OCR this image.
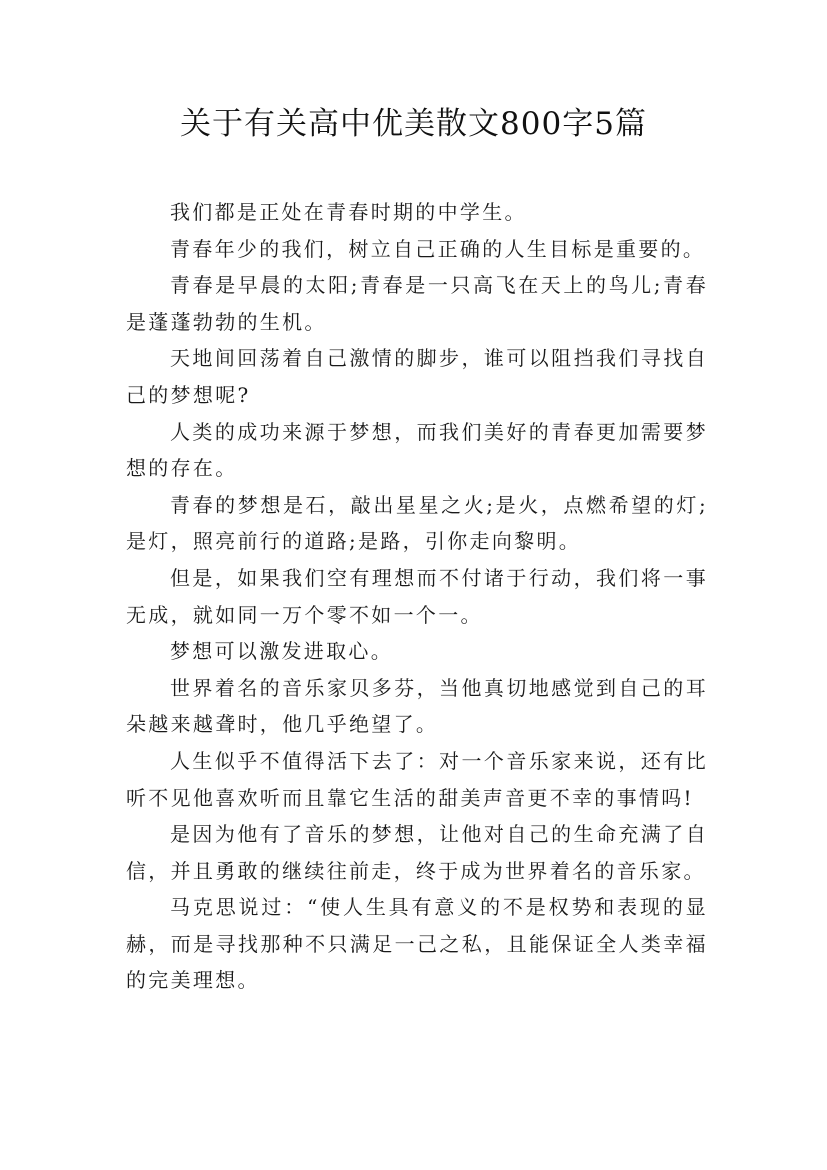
关于有关高中优美散文800字5篇

我们都是正处在青春时期的中学生。

青春年少的我们，树立自己正确的人生目标是重要的。

青春是早晨的太阳;青春是一只高飞在天上的鸟儿;青春是蓬蓬勃勃的生机。

天地间回荡着自己激情的脚步，谁可以阻挡我们寻找自己的梦想呢?

人类的成功来源于梦想，而我们美好的青春更加需要梦想的存在。

青春的梦想是石，敲出星星之火;是火，点燃希望的灯;是灯，照亮前行的道路;是路，引你走向黎明。

但是，如果我们空有理想而不付诸于行动，我们将一事无成，就如同一万个零不如一个一。

梦想可以激发进取心。

世界着名的音乐家贝多芬，当他真切地感觉到自己的耳朵越来越聋时，他几乎绝望了。

人生似乎不值得活下去了：对一个音乐家来说，还有比听不见他喜欢听而且靠它生活的甜美声音更不幸的事情吗!

是因为他有了音乐的梦想，让他对自己的生命充满了自信，并且勇敢的继续往前走，终于成为世界着名的音乐家。

马克思说过：“使人生具有意义的不是权势和表现的显赫，而是寻找那种不只满足一己之私，且能保证全人类幸福的完美理想。
